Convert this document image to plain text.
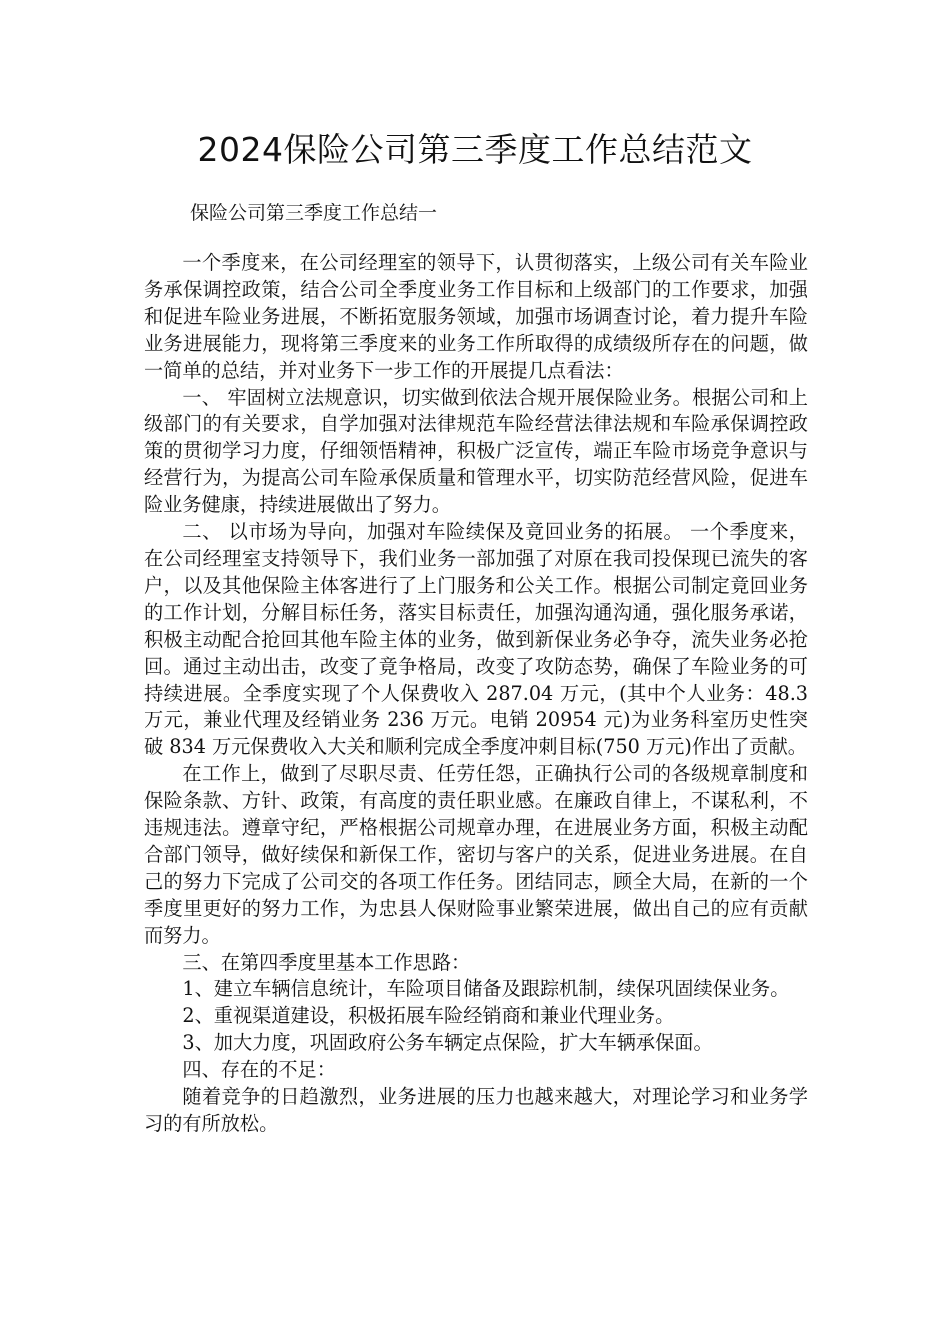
2024保险公司第三季度工作总结范文

保险公司第三季度工作总结一

一个季度来，在公司经理室的领导下，认贯彻落实，上级公司有关车险业务承保调控政策，结合公司全季度业务工作目标和上级部门的工作要求，加强和促进车险业务进展，不断拓宽服务领域，加强市场调查讨论，着力提升车险业务进展能力，现将第三季度来的业务工作所取得的成绩级所存在的问题，做一简单的总结，并对业务下一步工作的开展提几点看法：

一、 牢固树立法规意识，切实做到依法合规开展保险业务。根据公司和上级部门的有关要求，自学加强对法律规范车险经营法律法规和车险承保调控政策的贯彻学习力度，仔细领悟精神，积极广泛宣传，端正车险市场竞争意识与经营行为，为提高公司车险承保质量和管理水平，切实防范经营风险，促进车险业务健康，持续进展做出了努力。

二、 以市场为导向，加强对车险续保及竟回业务的拓展。 一个季度来，在公司经理室支持领导下，我们业务一部加强了对原在我司投保现已流失的客户，以及其他保险主体客进行了上门服务和公关工作。根据公司制定竟回业务的工作计划，分解目标任务，落实目标责任，加强沟通沟通，强化服务承诺，积极主动配合抢回其他车险主体的业务，做到新保业务必争夺，流失业务必抢回。通过主动出击，改变了竟争格局，改变了攻防态势，确保了车险业务的可持续进展。全季度实现了个人保费收入 287.04 万元，(其中个人业务：48.3 万元，兼业代理及经销业务 236 万元。电销 20954 元)为业务科室历史性突破 834 万元保费收入大关和顺利完成全季度冲刺目标(750 万元)作出了贡献。

在工作上，做到了尽职尽责、任劳任怨，正确执行公司的各级规章制度和保险条款、方针、政策，有高度的责任职业感。在廉政自律上，不谋私利，不违规违法。遵章守纪，严格根据公司规章办理，在进展业务方面，积极主动配合部门领导，做好续保和新保工作，密切与客户的关系，促进业务进展。在自己的努力下完成了公司交的各项工作任务。团结同志，顾全大局，在新的一个季度里更好的努力工作，为忠县人保财险事业繁荣进展，做出自己的应有贡献而努力。

三、在第四季度里基本工作思路：

1、建立车辆信息统计，车险项目储备及跟踪机制，续保巩固续保业务。

2、重视渠道建设，积极拓展车险经销商和兼业代理业务。

3、加大力度，巩固政府公务车辆定点保险，扩大车辆承保面。

四、存在的不足：

随着竞争的日趋激烈，业务进展的压力也越来越大，对理论学习和业务学习的有所放松。
